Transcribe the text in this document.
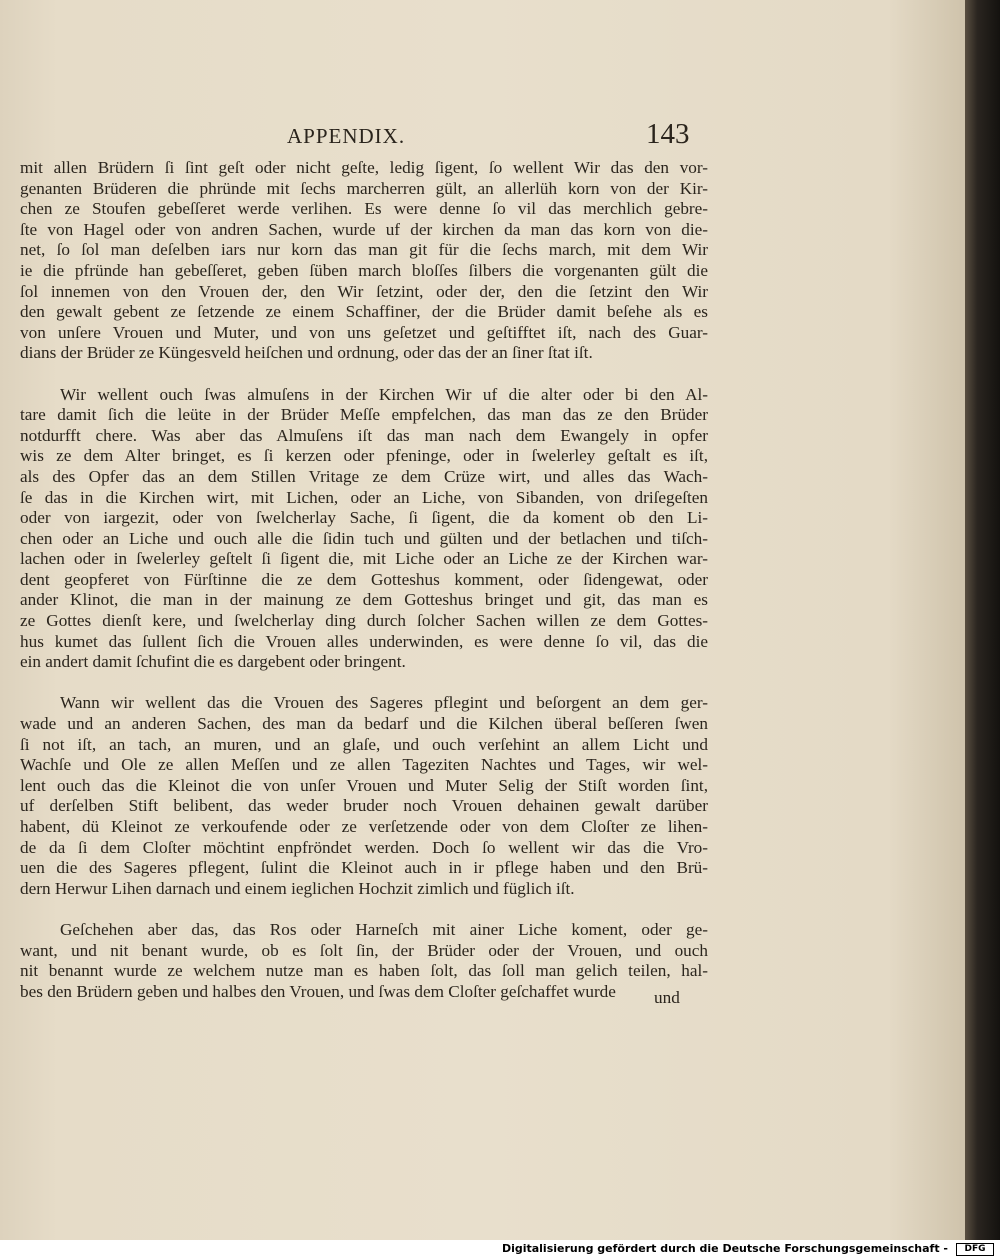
APPENDIX.	143

mit allen Brüdern ſi ſint geſt oder nicht geſte, ledig ſigent, ſo wellent Wir das den vor-
genanten Brüderen die phründe mit ſechs marcherren gült, an allerlüh korn von der Kir-
chen ze Stoufen gebeſſeret werde verlihen. Es were denne ſo vil das merchlich gebre-
ſte von Hagel oder von andren Sachen, wurde uf der kirchen da man das korn von die-
net, ſo ſol man deſelben iars nur korn das man git für die ſechs march, mit dem Wir
ie die pfründe han gebeſſeret, geben ſüben march bloſſes ſilbers die vorgenanten gült die
ſol innemen von den Vrouen der, den Wir ſetzint, oder der, den die ſetzint den Wir
den gewalt gebent ze ſetzende ze einem Schaffiner, der die Brüder damit beſehe als es
von unſere Vrouen und Muter, und von uns geſetzet und geſtifftet iſt, nach des Guar-
dians der Brüder ze Küngesveld heiſchen und ordnung, oder das der an ſiner ſtat iſt.

Wir wellent ouch ſwas almuſens in der Kirchen Wir uf die alter oder bi den Al-
tare damit ſich die leüte in der Brüder Meſſe empfelchen, das man das ze den Brüder
notdurfft chere. Was aber das Almuſens iſt das man nach dem Ewangely in opfer
wis ze dem Alter bringet, es ſi kerzen oder pfeninge, oder in ſwelerley geſtalt es iſt,
als des Opfer das an dem Stillen Vritage ze dem Crüze wirt, und alles das Wach-
ſe das in die Kirchen wirt, mit Lichen, oder an Liche, von Sibanden, von driſegeſten
oder von iargezit, oder von ſwelcherlay Sache, ſi ſigent, die da koment ob den Li-
chen oder an Liche und ouch alle die ſidin tuch und gülten und der betlachen und tiſch-
lachen oder in ſwelerley geſtelt ſi ſigent die, mit Liche oder an Liche ze der Kirchen war-
dent geopferet von Fürſtinne die ze dem Gotteshus komment, oder ſidengewat, oder
ander Klinot, die man in der mainung ze dem Gotteshus bringet und git, das man es
ze Gottes dienſt kere, und ſwelcherlay ding durch ſolcher Sachen willen ze dem Gottes-
hus kumet das ſullent ſich die Vrouen alles underwinden, es were denne ſo vil, das die
ein andert damit ſchufint die es dargebent oder bringent.

Wann wir wellent das die Vrouen des Sageres pflegint und beſorgent an dem ger-
wade und an anderen Sachen, des man da bedarf und die Kilchen überal beſſeren ſwen
ſi not iſt, an tach, an muren, und an glaſe, und ouch verſehint an allem Licht und
Wachſe und Ole ze allen Meſſen und ze allen Tageziten Nachtes und Tages, wir wel-
lent ouch das die Kleinot die von unſer Vrouen und Muter Selig der Stiſt worden ſint,
uf derſelben Stift belibent, das weder bruder noch Vrouen dehainen gewalt darüber
habent, dü Kleinot ze verkoufende oder ze verſetzende oder von dem Cloſter ze lihen-
de da ſi dem Cloſter möchtint enpfröndet werden. Doch ſo wellent wir das die Vro-
uen die des Sageres pflegent, ſulint die Kleinot auch in ir pflege haben und den Brü-
dern Herwur Lihen darnach und einem ieglichen Hochzit zimlich und füglich iſt.

Geſchehen aber das, das Ros oder Harneſch mit ainer Liche koment, oder ge-
want, und nit benant wurde, ob es ſolt ſin, der Brüder oder der Vrouen, und ouch
nit benannt wurde ze welchem nutze man es haben ſolt, das ſoll man gelich teilen, hal-
bes den Brüdern geben und halbes den Vrouen, und ſwas dem Cloſter geſchaffet wurde	und
Digitalisierung gefördert durch die Deutsche Forschungsgemeinschaft -	DFG
